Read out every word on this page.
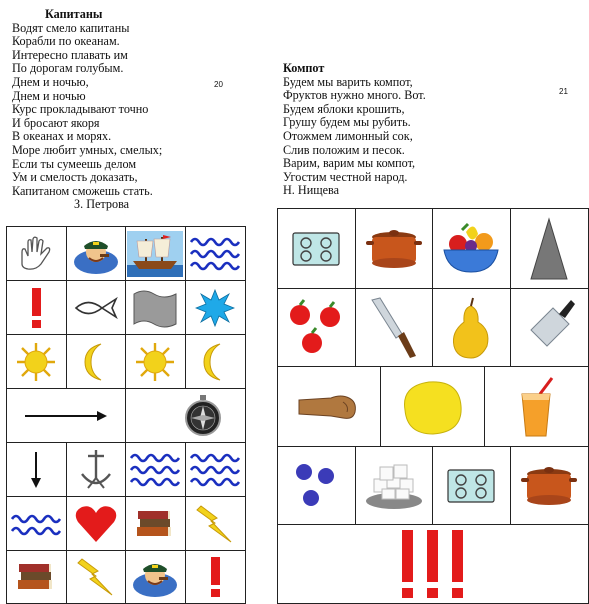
Капитаны
Водят смело капитаны
Корабли по океанам.
Интересно плавать им
По дорогам голубым.
Днем и ночью,
Днем и ночью
Курс прокладывают точно
И бросают якоря
В океанах и морях.
Море любит умных, смелых;
Если ты сумеешь делом
Ум и смелость доказать,
Капитаном сможешь стать.
З. Петрова
20
Компот
Будем мы варить компот,
Фруктов нужно много. Вот.
Будем яблоки крошить,
Грушу будем мы рубить.
Отожмем лимонный сок,
Слив положим и песок.
Варим, варим мы компот,
Угостим честной народ.
Н. Нищева
21
